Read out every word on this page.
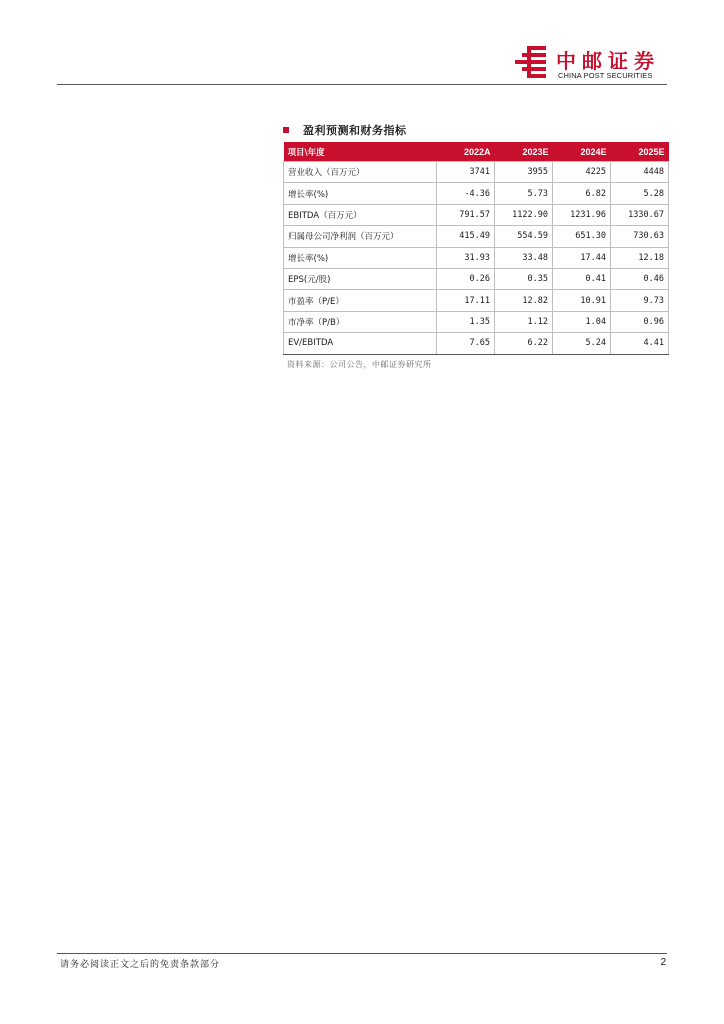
中邮证券
CHINA POST SECURITIES
盈利预测和财务指标
项目\年度	2022A	2023E	2024E	2025E
营业收入（百万元）	3741	3955	4225	4448
增长率(%)	-4.36	5.73	6.82	5.28
EBITDA（百万元）	791.57	1122.90	1231.96	1330.67
归属母公司净利润（百万元）	415.49	554.59	651.30	730.63
增长率(%)	31.93	33.48	17.44	12.18
EPS(元/股)	0.26	0.35	0.41	0.46
市盈率（P/E）	17.11	12.82	10.91	9.73
市净率（P/B）	1.35	1.12	1.04	0.96
EV/EBITDA	7.65	6.22	5.24	4.41
资料来源：公司公告，中邮证券研究所
请务必阅读正文之后的免责条款部分	2
